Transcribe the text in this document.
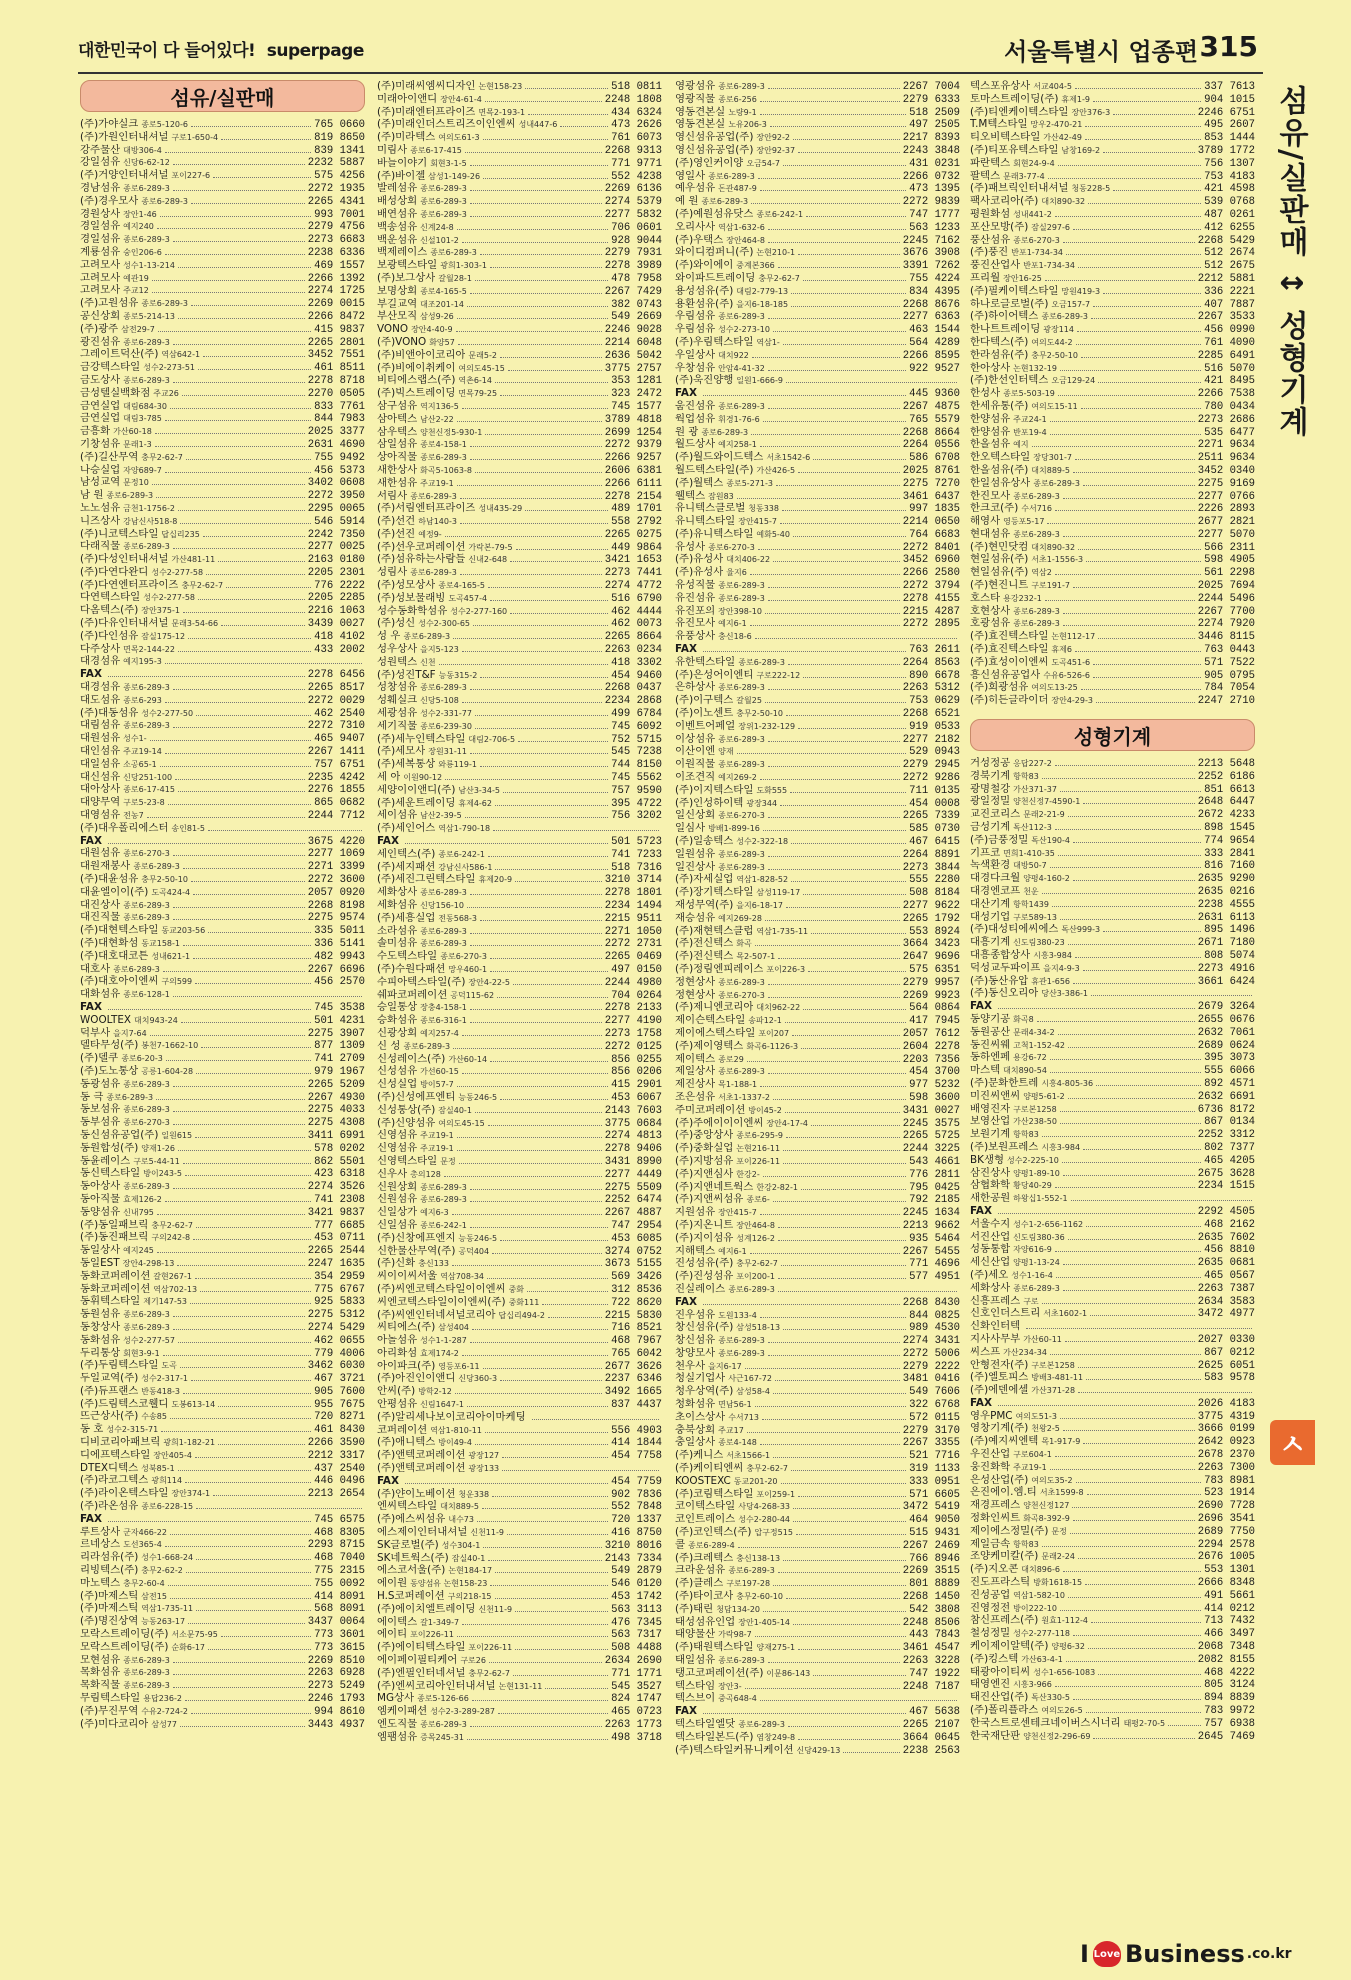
대한민국이 다 들어있다! superpage	서울특별시 업종편 315
섬유/실판매
(주)가야실크 종로5-120-6	765 0660
(주)가원인터내셔널 구로1-650-4	819 8650
강주물산 대방306-4	839 1341
강일섬유 신당6-62-12	2232 5887
(주)거양인터내셔널 포이227-6	575 4256
경남섬유 종로6-289-3	2272 1935
(주)경우모사 종로6-289-3	2265 4341
경원상사 장안1-46	993 7001
경일섬유 예지240	2279 4756
경일섬유 종로6-289-3	2273 6683
계룡섬유 숭인206-6	2238 6336
고려모사 성수1-13-214	469 1557
고려모사 예관19	2266 1392
고려모사 주교12	2274 1725
(주)고원섬유 종로6-289-3	2269 0015
공신상회 종로5-214-13	2266 8472
(주)광주 삼전29-7	415 9837
광진섬유 종로6-289-3	2265 2801
그레이트덕산(주) 역삼642-1	3452 7551
금강텍스타일 성수2-273-51	461 8511
금도상사 종로6-289-3	2278 8718
금성텔실백화점 주교26	2270 0505
금연실업 대림684-30	833 7761
금연실업 대림3-785	844 7983
금흥화 가산60-18	2025 3377
기창섬유 문래1-3	2631 4690
(주)길산무역 충무2-62-7	755 9492
나승실업 자양689-7	456 5373
남성교역 문정10	3402 0608
남 원 종로6-289-3	2272 3950
노노섬유 금천1-1756-2	2295 0065
니즈상사 강남신사518-8	546 5914
(주)니코텍스타일 답십리235	2242 7350
다래직물 종로6-289-3	2277 0025
(주)다성인터내셔널 가산481-11	2163 0180
(주)다연다완디 성수2-277-58	2205 2301
(주)다연엔터프라이즈 충무2-62-7	776 2222
다연텍스타일 성수2-277-58	2205 2285
다옴텍스(주) 장안375-1	2216 1063
(주)다유인터내셔널 문래3-54-66	3439 0027
(주)다인섬유 잠실175-12	418 4102
다주상사 면목2-144-22	433 2002
대경섬유 예지195-3
FAX	2278 6456
대경섬유 종로6-289-3	2265 8517
대도섬유 종로6-293	2272 0029
(주)대동섬유 성수2-277-50	462 2540
대림섬유 종로6-289-3	2272 7310
대원섬유 성수1-	465 9407
대인섬유 주교19-14	2267 1411
대일섬유 소공65-1	757 6751
대신섬유 신당251-100	2235 4242
대아상사 종로6-17-415	2276 1855
대양무역 구로5-23-8	865 0682
대영섬유 전농7	2244 7712
(주)대우폴리에스터 송인81-5
FAX	3675 4220
대원섬유 종로6-270-3	2277 1069
대원재봉사 종로6-289-3	2271 3399
(주)대윤섬유 충무2-50-10	2272 3600
대윤엘이이(주) 도곡424-4	2057 0920
대진상사 종로6-289-3	2268 8198
대진직물 종로6-289-3	2275 9574
(주)대현텍스타일 동교203-56	335 5011
(주)대현화섬 동교158-1	336 5141
(주)대호대코튼 성내621-1	482 9943
대호사 종로6-289-3	2267 6696
(주)대호아이엔씨 구의599	456 2570
대화섬유 종로6-128-1
FAX	745 3538
WOOLTEX 대치943-24	501 4231
덕부사 을지7-64	2275 3907
델타무성(주) 봉천7-1662-10	877 1309
(주)델쿠 종로6-20-3	741 2709
(주)도노통상 공릉1-604-28	979 1967
동광섬유 종로6-289-3	2265 5209
동 극 종로6-289-3	2267 4930
동보섬유 종로6-289-3	2275 4033
동부섬유 종로6-270-3	2275 4308
동신섬유공업(주) 일원615	3411 6991
동원합성(주) 양재1-26	578 0202
동윤레이스 구로5-44-11	862 5501
동신텍스타일 방이243-5	423 6318
동아상사 종로6-289-3	2274 3526
동아직물 효제126-2	741 2308
동양섬유 신내795	3421 9837
(주)동일패브릭 충무2-62-7	777 6685
(주)동진패브릭 구의242-8	453 0711
동일상사 예지245	2265 2544
동일EST 장안4-298-13	2247 1635
동화코퍼레이션 갈현267-1	354 2959
동화코퍼레이션 역삼702-13	775 6767
동휘텍스타일 제기147-53	925 5833
동원섬유 종로6-289-3	2275 5312
동창상사 종로6-289-3	2274 5429
동화섬유 성수2-277-57	462 0655
두리통상 회현3-9-1	779 4006
(주)두림텍스타일 도곡	3462 6030
두일교역(주) 성수2-317-1	467 3721
(주)듀프랜스 반동418-3	905 7600
(주)드림텍스코웰디 도봉613-14	955 7675
뜨근상사(주) 수송85	720 8271
동 호 성수2-315-71	461 8430
디비코리아패브릭 광희1-182-21	2266 3590
디에프텍스타일 장안405-4	2212 3317
DTEX디텍스 성북85-1	437 2540
(주)라코그텍스 광희114	446 0496
(주)라이온텍스타일 장안374-1	2213 2654
(주)라온섬유 종로6-228-15
FAX	745 6575
루트상사 군자466-22	468 8305
르네상스 도선365-4	2293 8715
리라섬유(주) 성수1-668-24	468 7040
리빙텍스(주) 충무2-62-2	775 2315
마노텍스 충무2-60-4	755 0092
(주)마제스틱 삼전15	414 8091
(주)마제스틱 역삼1-735-11	568 8091
(주)명진상역 능동263-17	3437 0064
모락스트레이딩(주) 서소문75-95	773 3601
모락스트레이딩(주) 순화6-17	773 3615
모현섬유 종로6-289-3	2269 8510
목화섬유 종로6-289-3	2263 6928
목화직물 종로6-289-3	2273 5249
무림텍스타일 용답236-2	2246 1793
(주)무진무역 수유2-724-2	994 8610
(주)미다코리아 삼성77	3443 4937
(주)미래씨엠씨디자인 논현158-23	518 0811
미래아이앤디 장안4-61-4	2248 1808
(주)미래엔터프라이즈 면목2-193-1	434 6324
(주)미래인더스트리즈이인엔씨 성내447-6	473 2626
(주)미라텍스 여의도61-3	761 6073
미림사 종로6-17-415	2268 9313
바늘이야기 회현3-1-5	771 9771
(주)바이젤 삼성1-149-26	552 4238
발레섬유 종로6-289-3	2269 6136
배성상회 종로6-289-3	2274 5379
배연섬유 종로6-289-3	2277 5832
백송섬유 신계24-8	706 0601
백운섬유 신설101-2	928 9044
백제레이스 종로6-289-3	2279 7931
보광텍스타일 광희1-303-1	2278 3989
(주)보그상사 갈월28-1	478 7958
보명상회 종로4-165-5	2267 7429
부길교역 대조201-14	382 0743
부산모직 삼성9-26	549 2669
VONO 장안4-40-9	2246 9028
(주)VONO 화양57	2214 6048
(주)비앤아이코리아 문래5-2	2636 5042
(주)비에이취케이 여의도45-15	3775 2757
비티에스랩스(주) 역촌6-14	353 1281
(주)빅스트레이딩 면목79-25	323 2472
삼구섬유 역지136-5	745 1577
삼아텍스 남산2-22	3789 4818
삼우텍스 양천신정5-930-1	2699 1254
삼일섬유 종로4-158-1	2272 9379
상아직물 종로6-289-3	2266 9257
새한상사 화곡5-1063-8	2606 6381
새한섬유 주교19-1	2266 6111
서림사 종로6-289-3	2278 2154
(주)서림엔터프라이즈 성내435-29	489 1701
(주)선건 하남140-3	558 2792
(주)선진 예정9-	2265 0275
(주)선우코퍼레이션 가락본-79-5	449 9864
(주)섬유하는사람들 신내2-648	3421 1653
성림사 종로6-289-3	2273 7441
(주)성모상사 종로4-165-5	2274 4772
(주)성보물래빙 도곡457-4	516 6790
성수동화학섬유 성수2-277-160	462 4444
(주)성신 성수2-300-65	462 0073
성 우 종로6-289-3	2265 8664
성우상사 을지5-123	2263 0234
성원텍스 신천	418 3302
(주)성진T&F 능동315-2	454 9460
성창섬유 종로6-289-3	2268 0437
성훼실크 신당5-108	2234 2868
세광섬유 성수2-331-77	499 6784
세기직물 종로6-239-30	745 6092
(주)세누인텍스타일 대림2-706-5	752 5715
(주)세모사 장원31-11	545 7238
(주)세복통상 와룡119-1	744 8150
세 아 이원90-12	745 5562
세양이이앤디(주) 남산3-34-5	757 9590
(주)세운트레이딩 휴제4-62	395 4722
세이섬유 남산2-39-5	756 3202
(주)세인어스 역삼1-790-18
FAX	501 5723
세인텍스(주) 종로6-242-1	741 7233
(주)세지패션 강남신사586-1	518 7316
(주)세진그린텍스타일 휴제20-9	3210 3714
세화상사 종로6-289-3	2278 1801
세화섬유 신당156-10	2234 1494
(주)세흥실업 전동568-3	2215 9511
소라섬유 종로6-289-3	2271 1050
솔미섬유 종로6-289-3	2272 2731
수도텍스타일 종로6-270-3	2265 0469
(주)수원다패션 망우460-1	497 0150
수피아텍스타일(주) 장안4-22-5	2244 4980
쉐파코퍼레이션 공덕115-62	704 0264
승일통상 장충4-158-1	2278 2133
승화섬유 종로6-316-1	2277 4190
신광상회 예지257-4	2273 1758
신 성 종로6-289-3	2272 0125
신성레이스(주) 가산60-14	856 0255
신성섬유 가선60-15	856 0206
신성실업 방이57-7	415 2901
(주)신성에프엔티 능동246-5	453 6067
신성통상(주) 잠실40-1	2143 7603
(주)신양섬유 여의도45-15	3775 0684
신영섬유 주교19-1	2274 4813
신영섬유 주교19-1	2278 9406
신영텍스타일 문정	3431 8990
신우사 총의128	2277 4449
신원상회 종로6-289-3	2275 5509
신원섬유 종로6-289-3	2252 6474
신일상가 예지6-3	2267 4887
신일섬유 종로6-242-1	747 2954
(주)신창에프엔지 능동246-5	453 6085
신한물산무역(주) 공덕404	3274 0752
(주)신화 충신133	3673 5155
씨이이씨서울 역삼708-34	569 3426
(주)씨엔코텍스타일이이엔씨 중화	312 8536
씨엔코텍스타일이이엔씨(주) 중화111	722 8620
(주)씨엔인터네셔널코리아 답십리494-2	2215 5830
씨티에스(주) 삼성404	716 8521
아놀섬유 성수1-1-287	468 7967
아리화섬 효제174-2	765 6042
아이파크(주) 영등포6-11	2677 3626
(주)아진인이앤디 신당360-3	2237 6346
안씨(주) 방학2-12	3492 1665
안평섬유 신림1647-1	837 4437
(주)알리세나보이코리아이마케팅
코퍼레이션 역삼1-810-11	556 4903
(주)애니텍스 방이49-4	414 1844
(주)앤텍코퍼레이션 광장127	454 7758
(주)앤텍코퍼레이션 광장133
FAX	454 7759
(주)얀이노베이션 청운338	902 7836
엔씨텍스타일 대치889-5	552 7848
(주)에스씨섬유 내수73	720 1337
에스제이인터내셔널 신천11-9	416 8750
SK글로벌(주) 성수304-1	3210 8016
SK네트웍스(주) 잠실40-1	2143 7334
에스코서울(주) 논현184-17	549 2879
에이원 동양섬유 논현158-23	546 0120
H.S코퍼레이션 구의218-15	453 1742
(주)에이치엘트레이딩 신천11-9	563 3113
에이텍스 갈1-349-7	476 7345
에이티 포이226-11	563 7317
(주)에이티텍스타일 포이226-11	508 4488
에이페이필티케어 구로26	2634 2690
(주)엔필인터네셔널 충무2-62-7	771 1771
(주)엔씨코리아인터내셔널 논현131-11	545 3527
MG상사 종로5-126-66	824 1747
엠케이패션 성수2-3-289-287	465 0723
엔도직물 종로6-289-3	2263 1773
엠팸섬유 증목245-31	498 3718
영광섬유 종로6-289-3	2267 7004
영광직물 종로6-256	2279 6333
영동견본실 노량9-1	518 2509
영동견본실 노유206-3	497 2505
영신섬유공업(주) 장안92-2	2217 8393
영신섬유공업(주) 장안92-37	2243 3848
(주)영인커이양 오금54-7	431 0231
영일사 종로6-289-3	2266 0732
예우섬유 돈관487-9	473 1395
예 원 종로6-289-3	2272 9839
(주)예원섬유닷스 종로6-242-1	747 1777
오리사사 역삼1-632-6	563 1233
(주)우택스 장안464-8	2245 7162
와이디컴퍼니(주) 논현210-1	3676 3908
(주)와이에이 중계본366	3391 7262
와이파드트레이딩 충무2-62-7	755 4224
용성섬유(주) 대림2-779-13	834 4395
용환섬유(주) 을지6-18-185	2268 8676
우림섬유 종로6-289-3	2277 6363
우림섬유 성수2-273-10	463 1544
(주)우림텍스타일 역삼1-	564 4289
우일상사 대치922	2266 8595
우창섬유 안암4-41-32	922 9527
(주)욱진양행 일원1-666-9
FAX	445 9360
움진섬유 종로6-289-3	2267 4875
웍업섬유 휘경1-76-6	765 5579
원 광 종로6-289-3	2268 8664
월드상사 예지258-1	2264 0556
(주)월드와이드텍스 서초1542-6	586 6708
월드텍스타일(주) 가산426-5	2025 8761
(주)월텍스 종로5-271-3	2275 7270
웰텍스 잠원83	3461 6437
유니텍스클로벌 청동338	997 1835
유니텍스타일 장안415-7	2214 0650
(주)유니텍스타일 예화5-40	764 6683
유성사 종로6-270-3	2272 8401
(주)유성사 대치406-22	3452 6960
(주)유성사 율지6	2266 2580
유성직물 종로6-289-3	2272 3794
유진섬유 종로6-289-3	2278 4155
유진포의 장안398-10	2215 4287
유진모사 예지6-1	2272 2895
유풍상사 충신18-6
FAX	763 2611
유한텍스타일 종로6-289-3	2264 8563
(주)은성어이엔티 구로222-12	890 6678
은하상사 종로6-289-3	2263 5312
(주)이구텍스 갈월25	753 0629
(주)이노센트 충무2-50-10	2268 6521
이벤트어페얼 장위1-232-129	919 0533
이상섬유 종로6-289-3	2277 2182
이산이엔 양재	529 0943
이원직물 종로6-289-3	2279 2945
이조견직 예지269-2	2272 9286
(주)이지텍스타일 도화555	711 0135
(주)인성하이텍 광장344	454 0008
일신상회 종로6-270-3	2265 7339
일심사 방배1-899-16	585 0730
(주)일송텍스 성수2-322-18	467 6415
일원섬유 종로6-289-3	2264 8891
일진상사 종로6-289-3	2273 3844
(주)자세실업 역삼1-828-52	555 2280
(주)장기텍스타일 삼성119-17	508 8184
재성무역(주) 을지6-18-17	2277 9622
재승섬유 예지269-28	2265 1792
(주)재현텍스클럽 역삼1-735-11	553 8924
(주)전신텍스 화곡	3664 3423
(주)전신텍스 목2-507-1	2647 9696
(주)정림엔피레이스 포이226-3	575 6351
정현상사 종로6-289-3	2279 9957
정현상사 종로6-270-3	2269 9923
(주)제니엔코리아 대치962-22	564 0864
제이슨텍스타일 송파12-1	417 7945
제이에스텍스타일 포이207	2057 7612
(주)제이영텍스 화곡6-1126-3	2604 2278
제이텍스 종로29	2203 7356
제일상사 종로6-289-3	454 3700
제진상사 목1-188-1	977 5232
조은섬유 서초1-1337-2	598 3600
주미코퍼레이션 방이45-2	3431 0027
(주)주에이이이엔씨 장안4-17-4	2245 3575
(주)중앙상사 종로6-295-9	2265 5725
(주)중화실업 논현216-11	2244 3225
(주)지방섬유 포이226-11	543 4661
(주)지앤심사 한강2-	776 2811
(주)지앤네트웍스 한강2-82-1	795 0425
(주)지앤씨섬유 종로6-	792 2185
지원섬유 장안415-7	2245 1634
(주)지온니트 장안464-8	2213 9662
(주)지이섬유 성계126-2	935 5464
지해텍스 예지6-1	2267 5455
진성섬유(주) 충무2-62-7	771 4696
(주)진성섬유 포이200-1	577 4951
진실레이스 종로6-289-3
FAX	2268 8430
진우섬유 도원133-4	844 0825
창신섬유(주) 삼성518-13	989 4530
창신섬유 종로6-289-3	2274 3431
창양모사 종로6-289-3	2272 5006
천우사 을지6-17	2279 2222
청실기업사 사근167-72	3481 0416
청우상역(주) 삼성58-4	549 7606
청화섬유 면남56-1	322 6768
초이스상사 수서713	572 0115
충북상회 주교17	2279 3170
충일상사 종로4-148	2267 3355
(주)케니스 서초1566-1	521 7716
(주)케이티엔씨 충무2-62-7	319 1133
KOOSTEXC 동교201-20	333 0951
(주)코림텍스타일 포이259-1	571 6605
코이텍스타일 사당4-268-33	3472 5419
코인트레이스 성수2-280-44	464 9050
(주)코인텍스(주) 압구정515	515 9431
콜 종로6-289-4	2267 2469
(주)크레텍스 충신138-13	766 8946
크라운섬유 종로6-289-3	2269 3515
(주)클레스 구로197-28	801 8889
(주)타이코사 충무2-60-10	2268 1450
(주)태린 청담134-20	542 3808
태성섬유인업 장안1-405-14	2248 8506
태양물산 가락98-7	443 7843
(주)태원텍스타일 양재275-1	3461 4547
태일섬유 종로6-289-3	2263 3228
탱고코퍼레이션(주) 이문86-143	747 1922
텍스타임 장안3-	2248 7187
텍스브이 중곡648-4
FAX	467 5638
텍스타일엘닷 종로6-289-3	2265 2107
텍스타일본드(주) 염창249-8	3664 0645
(주)텍스타일커뮤니케이션 신당429-13	2238 2563
텍스포유상사 서교404-5	337 7613
토마스트레이딩(주) 휴제1-9	904 1015
(주)티엔케이텍스타일 장안376-3	2246 6751
T.M텍스타일 망우2-470-21	495 2607
티오비텍스타일 가산42-49	853 1444
(주)티포유텍스타일 남창169-2	3789 1772
파란텍스 회현24-9-4	756 1307
팔텍스 문래3-77-4	753 4183
(주)패브릭인터내셔널 청동228-5	421 4598
팩사코리아(주) 대치890-32	539 0768
평원화섬 성내441-2	487 0261
포산모방(주) 잠실297-6	412 6255
풍산섬유 종로6-270-3	2268 5429
(주)풍진 반포1-734-34	512 2674
풍진산업사 반포1-734-34	512 2675
프리월 장안16-25	2212 5881
(주)필케이텍스타일 망원419-3	336 2221
하나로글로벌(주) 오금157-7	407 7887
(주)하이어텍스 종로6-289-3	2267 3533
한나트트레이딩 광장114	456 0990
한다텍스(주) 여의도44-2	761 4090
한라섬유(주) 충무2-50-10	2285 6491
한아상사 논현132-19	516 5070
(주)한선인터텍스 오금129-24	421 8495
한성사 종로5-503-19	2266 7538
한세유통(주) 여의도15-11	780 0434
한양섬유 주교24-1	2273 2686
한양섬유 반포19-4	535 6477
한올섬유 예지	2271 9634
한오텍스타일 장당301-7	2511 9634
한올섬유(주) 대치889-5	3452 0340
한일섬유상사 종로6-289-3	2275 9169
한진모사 종로6-289-3	2277 0766
한크코(주) 수서716	2226 2893
해영사 영등포5-17	2677 2821
현대섬유 종로6-289-3	2277 5070
(주)현민닷컴 대치890-32	566 2311
현일섬유(주) 서초1-1556-3	598 4905
현일섬유(주) 역삼2	561 2298
(주)현진니트 구로191-7	2025 7694
호스타 용강232-1	2244 5496
호현상사 종로6-289-3	2267 7700
호광섬유 종로6-289-3	2274 7920
(주)효진텍스타일 논현112-17	3446 8115
(주)효진텍스타일 휴제6	763 0443
(주)효성이이엔씨 도곡451-6	571 7522
흥신섬유공업사 수유6-526-6	905 0795
(주)희광섬유 여의도13-25	784 7054
(주)히든글라이더 장안4-29-3	2247 2710
성형기계
거성정공 응답227-2	2213 5648
경북기계 항학83	2252 6186
광명철강 가산371-37	851 6613
광일정밀 양천신정7-4590-1	2648 6447
교진코리스 문래2-21-9	2672 4233
금성기계 독산112-3	898 1545
(주)금풍정밀 독산190-4	774 9654
기프코 면희1-410-35	333 2841
녹색환경 대방50-7	816 7160
대경다크월 양평4-160-2	2635 9290
대경엔코프 천운	2635 0216
대산기계 항학1439	2238 4555
대성기업 구로589-13	2631 6113
(주)대성티에씨에스 독산999-3	895 1496
대흥기계 신도림380-23	2671 7180
대흥종합상사 시흥3-984	808 5074
덕성교두파이프 을지4-9-3	2273 4916
(주)동산유압 휴관1-656	3661 6424
(주)동신오리아 당산3-386-1
FAX	2679 3264
동양기공 화곡8	2655 0676
동원공산 문래4-34-2	2632 7061
동진씨웨 고척1-152-42	2689 0624
동하엔페 용강6-72	395 3073
마스텍 대치890-54	555 6066
(주)문화한트레 시흥4-805-36	892 4571
미진씨앤씨 양평5-61-2	2632 6691
배영진자 구로본1258	6736 8172
보영산업 가산238-50	867 0134
보원기계 항학83	2252 3312
(주)보원프레스 시흥3-984	802 7377
BK생형 성수2-225-10	465 4205
삼진상사 양평1-89-10	2675 3628
삼협화학 황당40-29	2234 1515
새한공원 하왕십1-552-1
FAX	2292 4505
서울수지 성수1-2-656-1162	468 2162
서진산업 신도림380-36	2635 7602
성동통합 자양616-9	456 8810
세신산업 양평1-13-24	2635 0681
(주)세오 성수1-16-4	465 0567
세화상사 종로6-289-3	2263 7387
신흥프레스 구로	2634 3583
신호인더스트리 서초1602-1	3472 4977
신화인터텍
지사사무부 가산60-11	2027 0330
씨스프 가산234-34	867 0212
안형전자(주) 구로본1258	2625 6051
(주)엘토피스 방배3-481-11	583 9578
(주)에덴에셀 가산371-28
FAX	2026 4183
영우PMC 여의도51-3	3775 4319
영창기계(주) 천왕2-5	3666 0199
(주)예지씨엔텍 목1-917-9	2642 0923
우진산업 구로604-1	2678 2370
웅진화학 주교19-1	2263 7300
은성산업(주) 여의도35-2	783 8981
은진에이.엠.티 서초1599-8	523 1914
재경프레스 양천신정127	2690 7728
정화인씨트 화곡8-392-9	2696 3541
제이에스정밀(주) 문정	2689 7750
제일금속 항학83	2294 2578
조양케미칼(주) 문래2-24	2676 1005
(주)지오콘 대치896-6	553 1301
진도프라스틱 방화1618-15	2666 8348
진성공업 역삼1-582-10	491 5661
진영정전 방이222-10	414 0212
참신프레스(주) 원효1-112-4	713 7432
철성정밀 성수2-277-118	466 3497
케이제이알텍(주) 양평6-32	2068 7348
(주)킹스텍 가산63-4-1	2082 8155
태광아이티씨 성수1-656-1083	468 4222
태영엔진 시흥3-966	805 3124
태진산업(주) 독산330-5	894 8839
(주)폴리플라스 여의도26-5	783 9972
한국스트로센테크네이버스시너리 태평2-70-5	757 6938
한국재단판 양천신정2-296-69	2645 7469
섬유/실판매 ↕ 성형기계
ㅅ
I Love Business .co.kr
